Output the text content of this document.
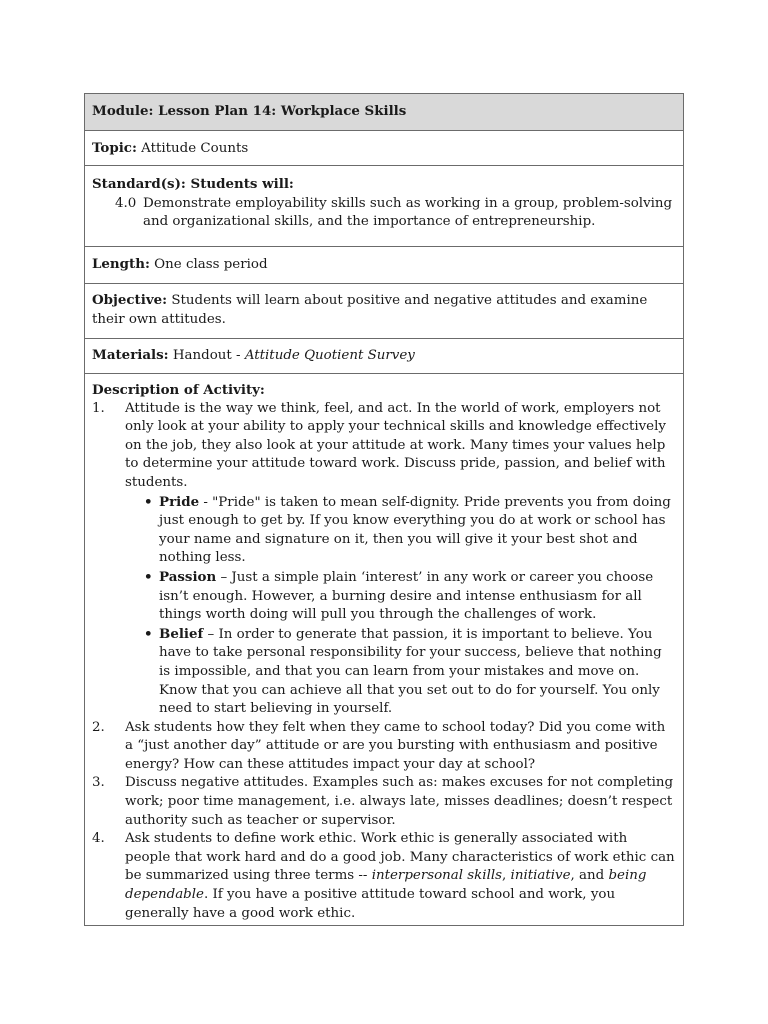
Module: Lesson Plan 14: Workplace Skills
Topic: Attitude Counts
Standard(s): Students will:
4.0 Demonstrate employability skills such as working in a group, problem-solving and organizational skills, and the importance of entrepreneurship.
Length: One class period
Objective: Students will learn about positive and negative attitudes and examine their own attitudes.
Materials: Handout - Attitude Quotient Survey
Description of Activity:
1. Attitude is the way we think, feel, and act. In the world of work, employers not only look at your ability to apply your technical skills and knowledge effectively on the job, they also look at your attitude at work. Many times your values help to determine your attitude toward work. Discuss pride, passion, and belief with students.
• Pride - "Pride" is taken to mean self-dignity. Pride prevents you from doing just enough to get by. If you know everything you do at work or school has your name and signature on it, then you will give it your best shot and nothing less.
• Passion – Just a simple plain ‘interest’ in any work or career you choose isn’t enough. However, a burning desire and intense enthusiasm for all things worth doing will pull you through the challenges of work.
• Belief – In order to generate that passion, it is important to believe. You have to take personal responsibility for your success, believe that nothing is impossible, and that you can learn from your mistakes and move on. Know that you can achieve all that you set out to do for yourself. You only need to start believing in yourself.
2. Ask students how they felt when they came to school today? Did you come with a “just another day” attitude or are you bursting with enthusiasm and positive energy? How can these attitudes impact your day at school?
3. Discuss negative attitudes. Examples such as: makes excuses for not completing work; poor time management, i.e. always late, misses deadlines; doesn’t respect authority such as teacher or supervisor.
4. Ask students to define work ethic. Work ethic is generally associated with people that work hard and do a good job. Many characteristics of work ethic can be summarized using three terms -- interpersonal skills, initiative, and being dependable. If you have a positive attitude toward school and work, you generally have a good work ethic.
